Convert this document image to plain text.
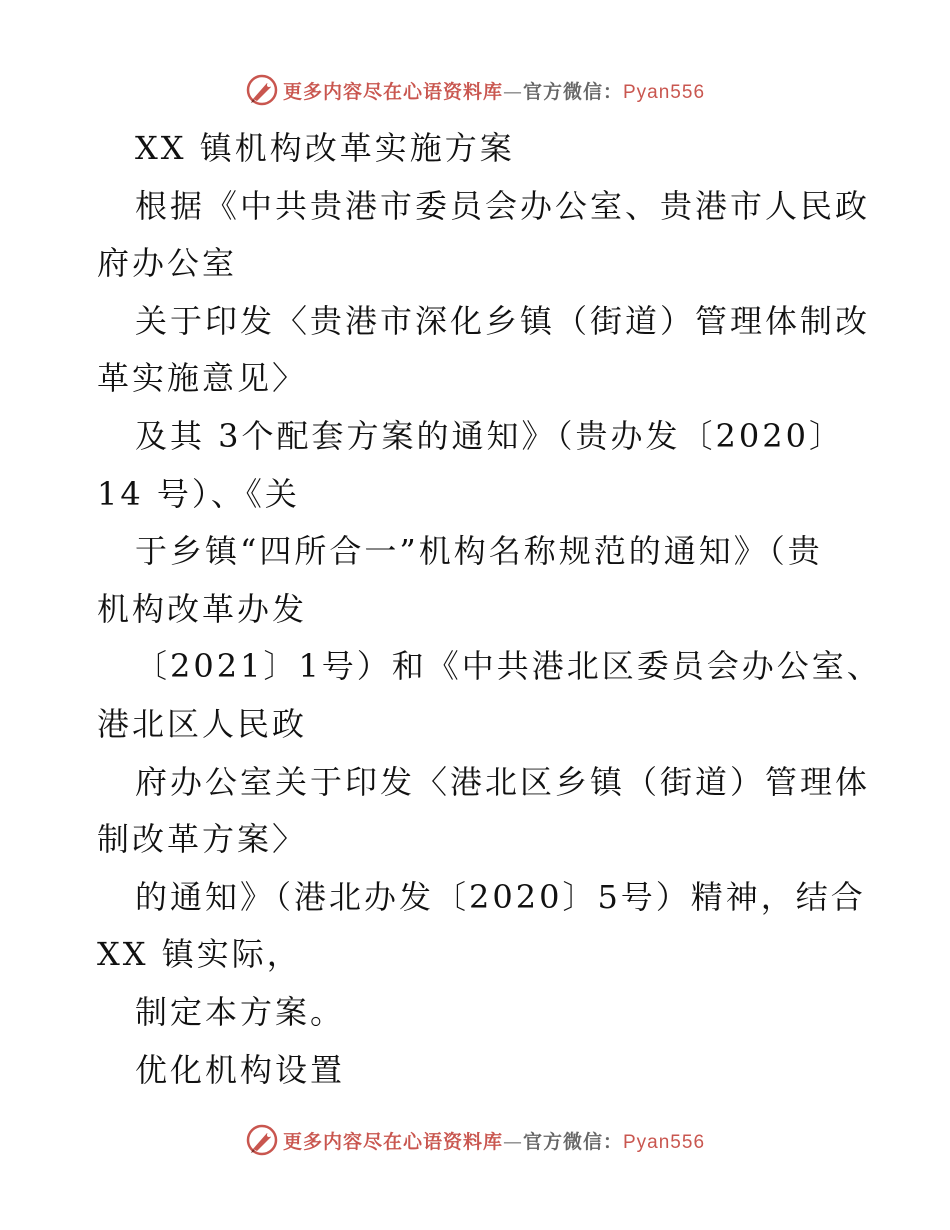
更多内容尽在心语资料库—官方微信：Pyan556

XX 镇机构改革实施方案

根据《中共贵港市委员会办公室、贵港市人民政

府办公室

关于印发〈贵港市深化乡镇（街道）管理体制改

革实施意见〉

及其 3个配套方案的通知》（贵办发〔2020〕

14 号）、《关

于乡镇“四所合一”机构名称规范的通知》（贵

机构改革办发

〔2021〕1号）和《中共港北区委员会办公室、

港北区人民政

府办公室关于印发〈港北区乡镇（街道）管理体

制改革方案〉

的通知》（港北办发〔2020〕5号）精神，结合

XX 镇实际，

制定本方案。

优化机构设置

更多内容尽在心语资料库—官方微信：Pyan556
